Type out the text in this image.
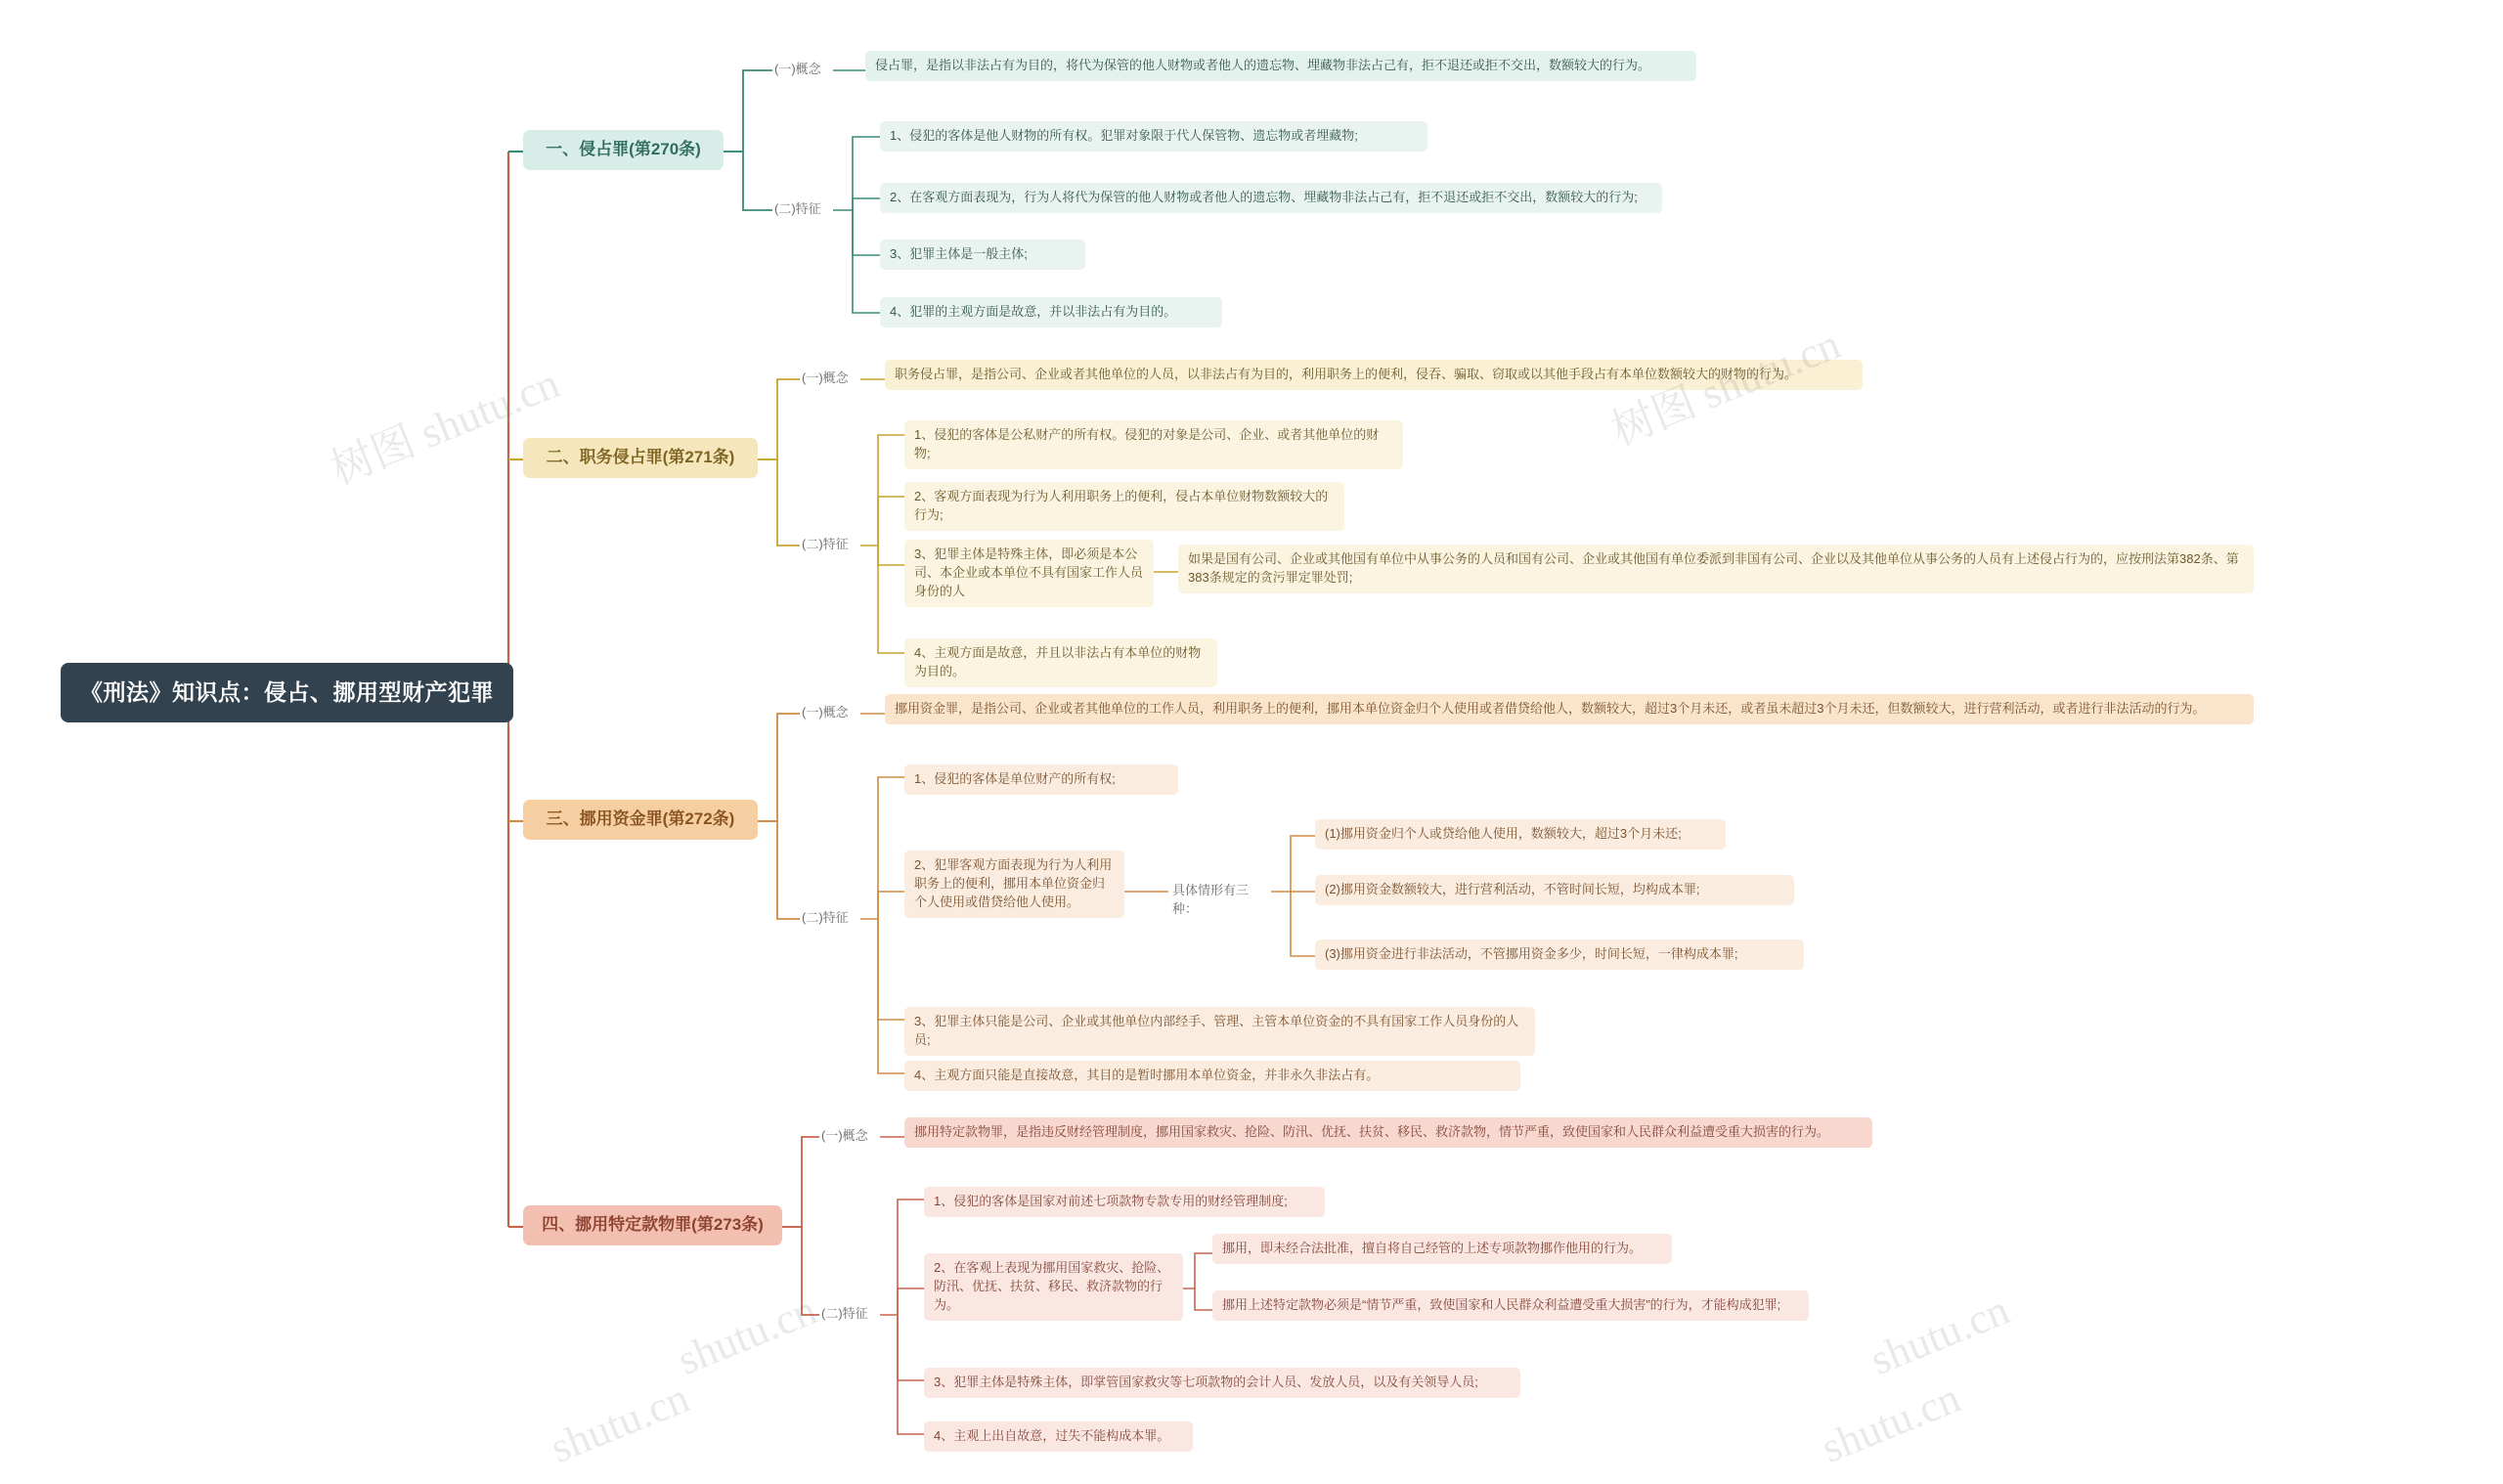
《刑法》知识点：侵占、挪用型财产犯罪
一、侵占罪(第270条)
(一)概念	侵占罪，是指以非法占有为目的，将代为保管的他人财物或者他人的遗忘物、埋藏物非法占己有，拒不退还或拒不交出，数额较大的行为。
(二)特征
1、侵犯的客体是他人财物的所有权。犯罪对象限于代人保管物、遗忘物或者埋藏物;
2、在客观方面表现为，行为人将代为保管的他人财物或者他人的遗忘物、埋藏物非法占己有，拒不退还或拒不交出，数额较大的行为;
3、犯罪主体是一般主体;
4、犯罪的主观方面是故意，并以非法占有为目的。
二、职务侵占罪(第271条)
(一)概念	职务侵占罪，是指公司、企业或者其他单位的人员，以非法占有为目的，利用职务上的便利，侵吞、骗取、窃取或以其他手段占有本单位数额较大的财物的行为。
(二)特征
1、侵犯的客体是公私财产的所有权。侵犯的对象是公司、企业、或者其他单位的财物;
2、客观方面表现为行为人利用职务上的便利，侵占本单位财物数额较大的行为;
3、犯罪主体是特殊主体，即必须是本公司、本企业或本单位不具有国家工作人员身份的人
如果是国有公司、企业或其他国有单位中从事公务的人员和国有公司、企业或其他国有单位委派到非国有公司、企业以及其他单位从事公务的人员有上述侵占行为的，应按刑法第382条、第383条规定的贪污罪定罪处罚;
4、主观方面是故意，并且以非法占有本单位的财物为目的。
三、挪用资金罪(第272条)
(一)概念	挪用资金罪，是指公司、企业或者其他单位的工作人员，利用职务上的便利，挪用本单位资金归个人使用或者借贷给他人，数额较大，超过3个月未还，或者虽未超过3个月未还，但数额较大，进行营利活动，或者进行非法活动的行为。
(二)特征
1、侵犯的客体是单位财产的所有权;
2、犯罪客观方面表现为行为人利用职务上的便利，挪用本单位资金归个人使用或借贷给他人使用。
具体情形有三种：
(1)挪用资金归个人或贷给他人使用，数额较大，超过3个月未还;
(2)挪用资金数额较大，进行营利活动，不管时间长短，均构成本罪;
(3)挪用资金进行非法活动，不管挪用资金多少，时间长短，一律构成本罪;
3、犯罪主体只能是公司、企业或其他单位内部经手、管理、主管本单位资金的不具有国家工作人员身份的人员;
4、主观方面只能是直接故意，其目的是暂时挪用本单位资金，并非永久非法占有。
四、挪用特定款物罪(第273条)
(一)概念	挪用特定款物罪，是指违反财经管理制度，挪用国家救灾、抢险、防汛、优抚、扶贫、移民、救济款物，情节严重，致使国家和人民群众利益遭受重大损害的行为。
(二)特征
1、侵犯的客体是国家对前述七项款物专款专用的财经管理制度;
2、在客观上表现为挪用国家救灾、抢险、防汛、优抚、扶贫、移民、救济款物的行为。
挪用，即未经合法批准，擅自将自己经管的上述专项款物挪作他用的行为。
挪用上述特定款物必须是“情节严重，致使国家和人民群众利益遭受重大损害”的行为，才能构成犯罪;
3、犯罪主体是特殊主体，即掌管国家救灾等七项款物的会计人员、发放人员，以及有关领导人员;
4、主观上出自故意，过失不能构成本罪。
树图 shutu.cn
shutu.cn
shutu.cn	shutu.cn
shutu.cn
